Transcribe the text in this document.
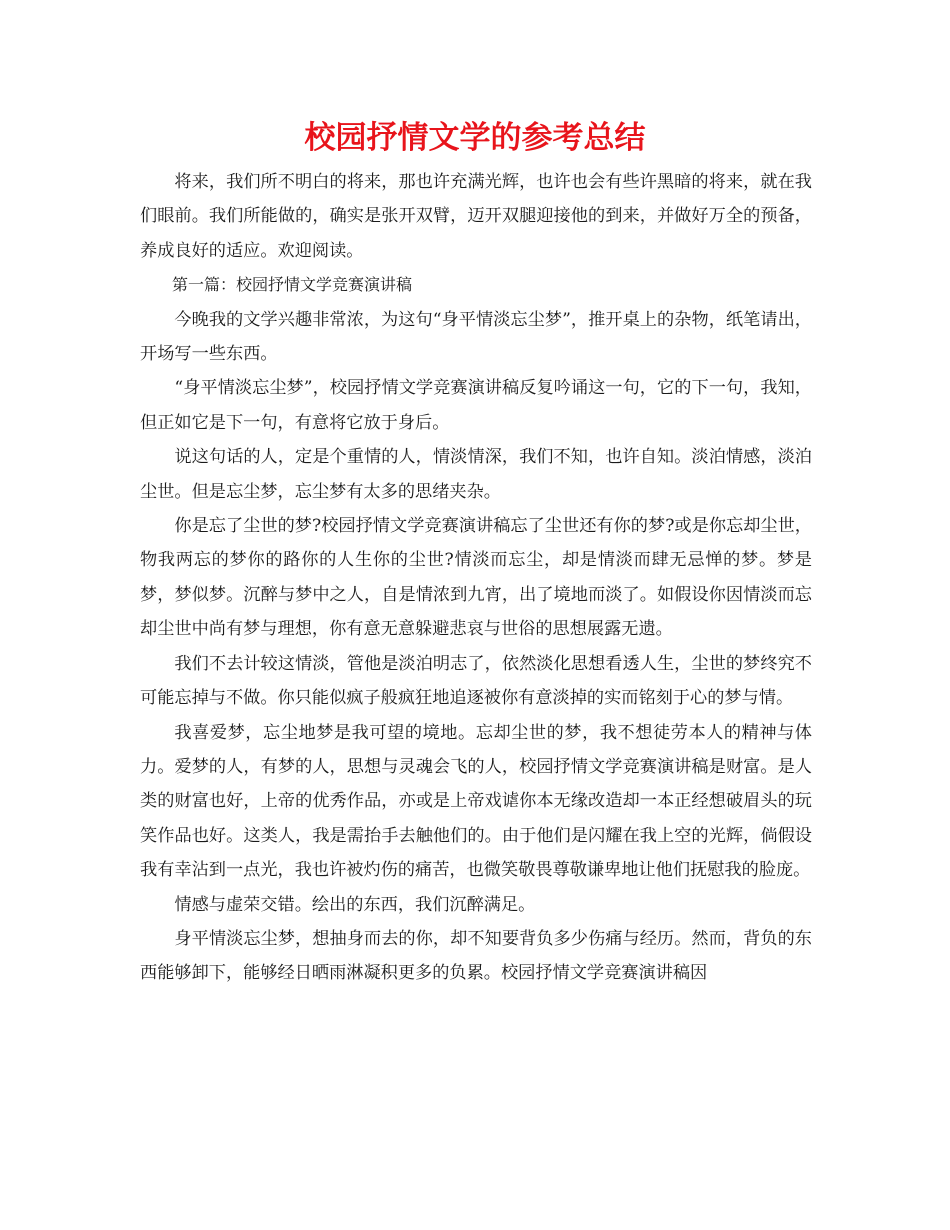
校园抒情文学的参考总结

将来，我们所不明白的将来，那也许充满光辉，也许也会有些许黑暗的将来，就在我们眼前。我们所能做的，确实是张开双臂，迈开双腿迎接他的到来，并做好万全的预备，养成良好的适应。欢迎阅读。

第一篇：校园抒情文学竞赛演讲稿

今晚我的文学兴趣非常浓，为这句“身平情淡忘尘梦”，推开桌上的杂物，纸笔请出，开场写一些东西。

“身平情淡忘尘梦”，校园抒情文学竞赛演讲稿反复吟诵这一句，它的下一句，我知，但正如它是下一句，有意将它放于身后。

说这句话的人，定是个重情的人，情淡情深，我们不知，也许自知。淡泊情感，淡泊尘世。但是忘尘梦，忘尘梦有太多的思绪夹杂。

你是忘了尘世的梦?校园抒情文学竞赛演讲稿忘了尘世还有你的梦?或是你忘却尘世，物我两忘的梦你的路你的人生你的尘世?情淡而忘尘，却是情淡而肆无忌惮的梦。梦是梦，梦似梦。沉醉与梦中之人，自是情浓到九宵，出了境地而淡了。如假设你因情淡而忘却尘世中尚有梦与理想，你有意无意躲避悲哀与世俗的思想展露无遗。

我们不去计较这情淡，管他是淡泊明志了，依然淡化思想看透人生，尘世的梦终究不可能忘掉与不做。你只能似疯子般疯狂地追逐被你有意淡掉的实而铭刻于心的梦与情。

我喜爱梦，忘尘地梦是我可望的境地。忘却尘世的梦，我不想徒劳本人的精神与体力。爱梦的人，有梦的人，思想与灵魂会飞的人，校园抒情文学竞赛演讲稿是财富。是人类的财富也好，上帝的优秀作品，亦或是上帝戏谑你本无缘改造却一本正经想破眉头的玩笑作品也好。这类人，我是需抬手去触他们的。由于他们是闪耀在我上空的光辉，倘假设我有幸沾到一点光，我也许被灼伤的痛苦，也微笑敬畏尊敬谦卑地让他们抚慰我的脸庞。

情感与虚荣交错。绘出的东西，我们沉醉满足。

身平情淡忘尘梦，想抽身而去的你，却不知要背负多少伤痛与经历。然而，背负的东西能够卸下，能够经日晒雨淋凝积更多的负累。校园抒情文学竞赛演讲稿因
